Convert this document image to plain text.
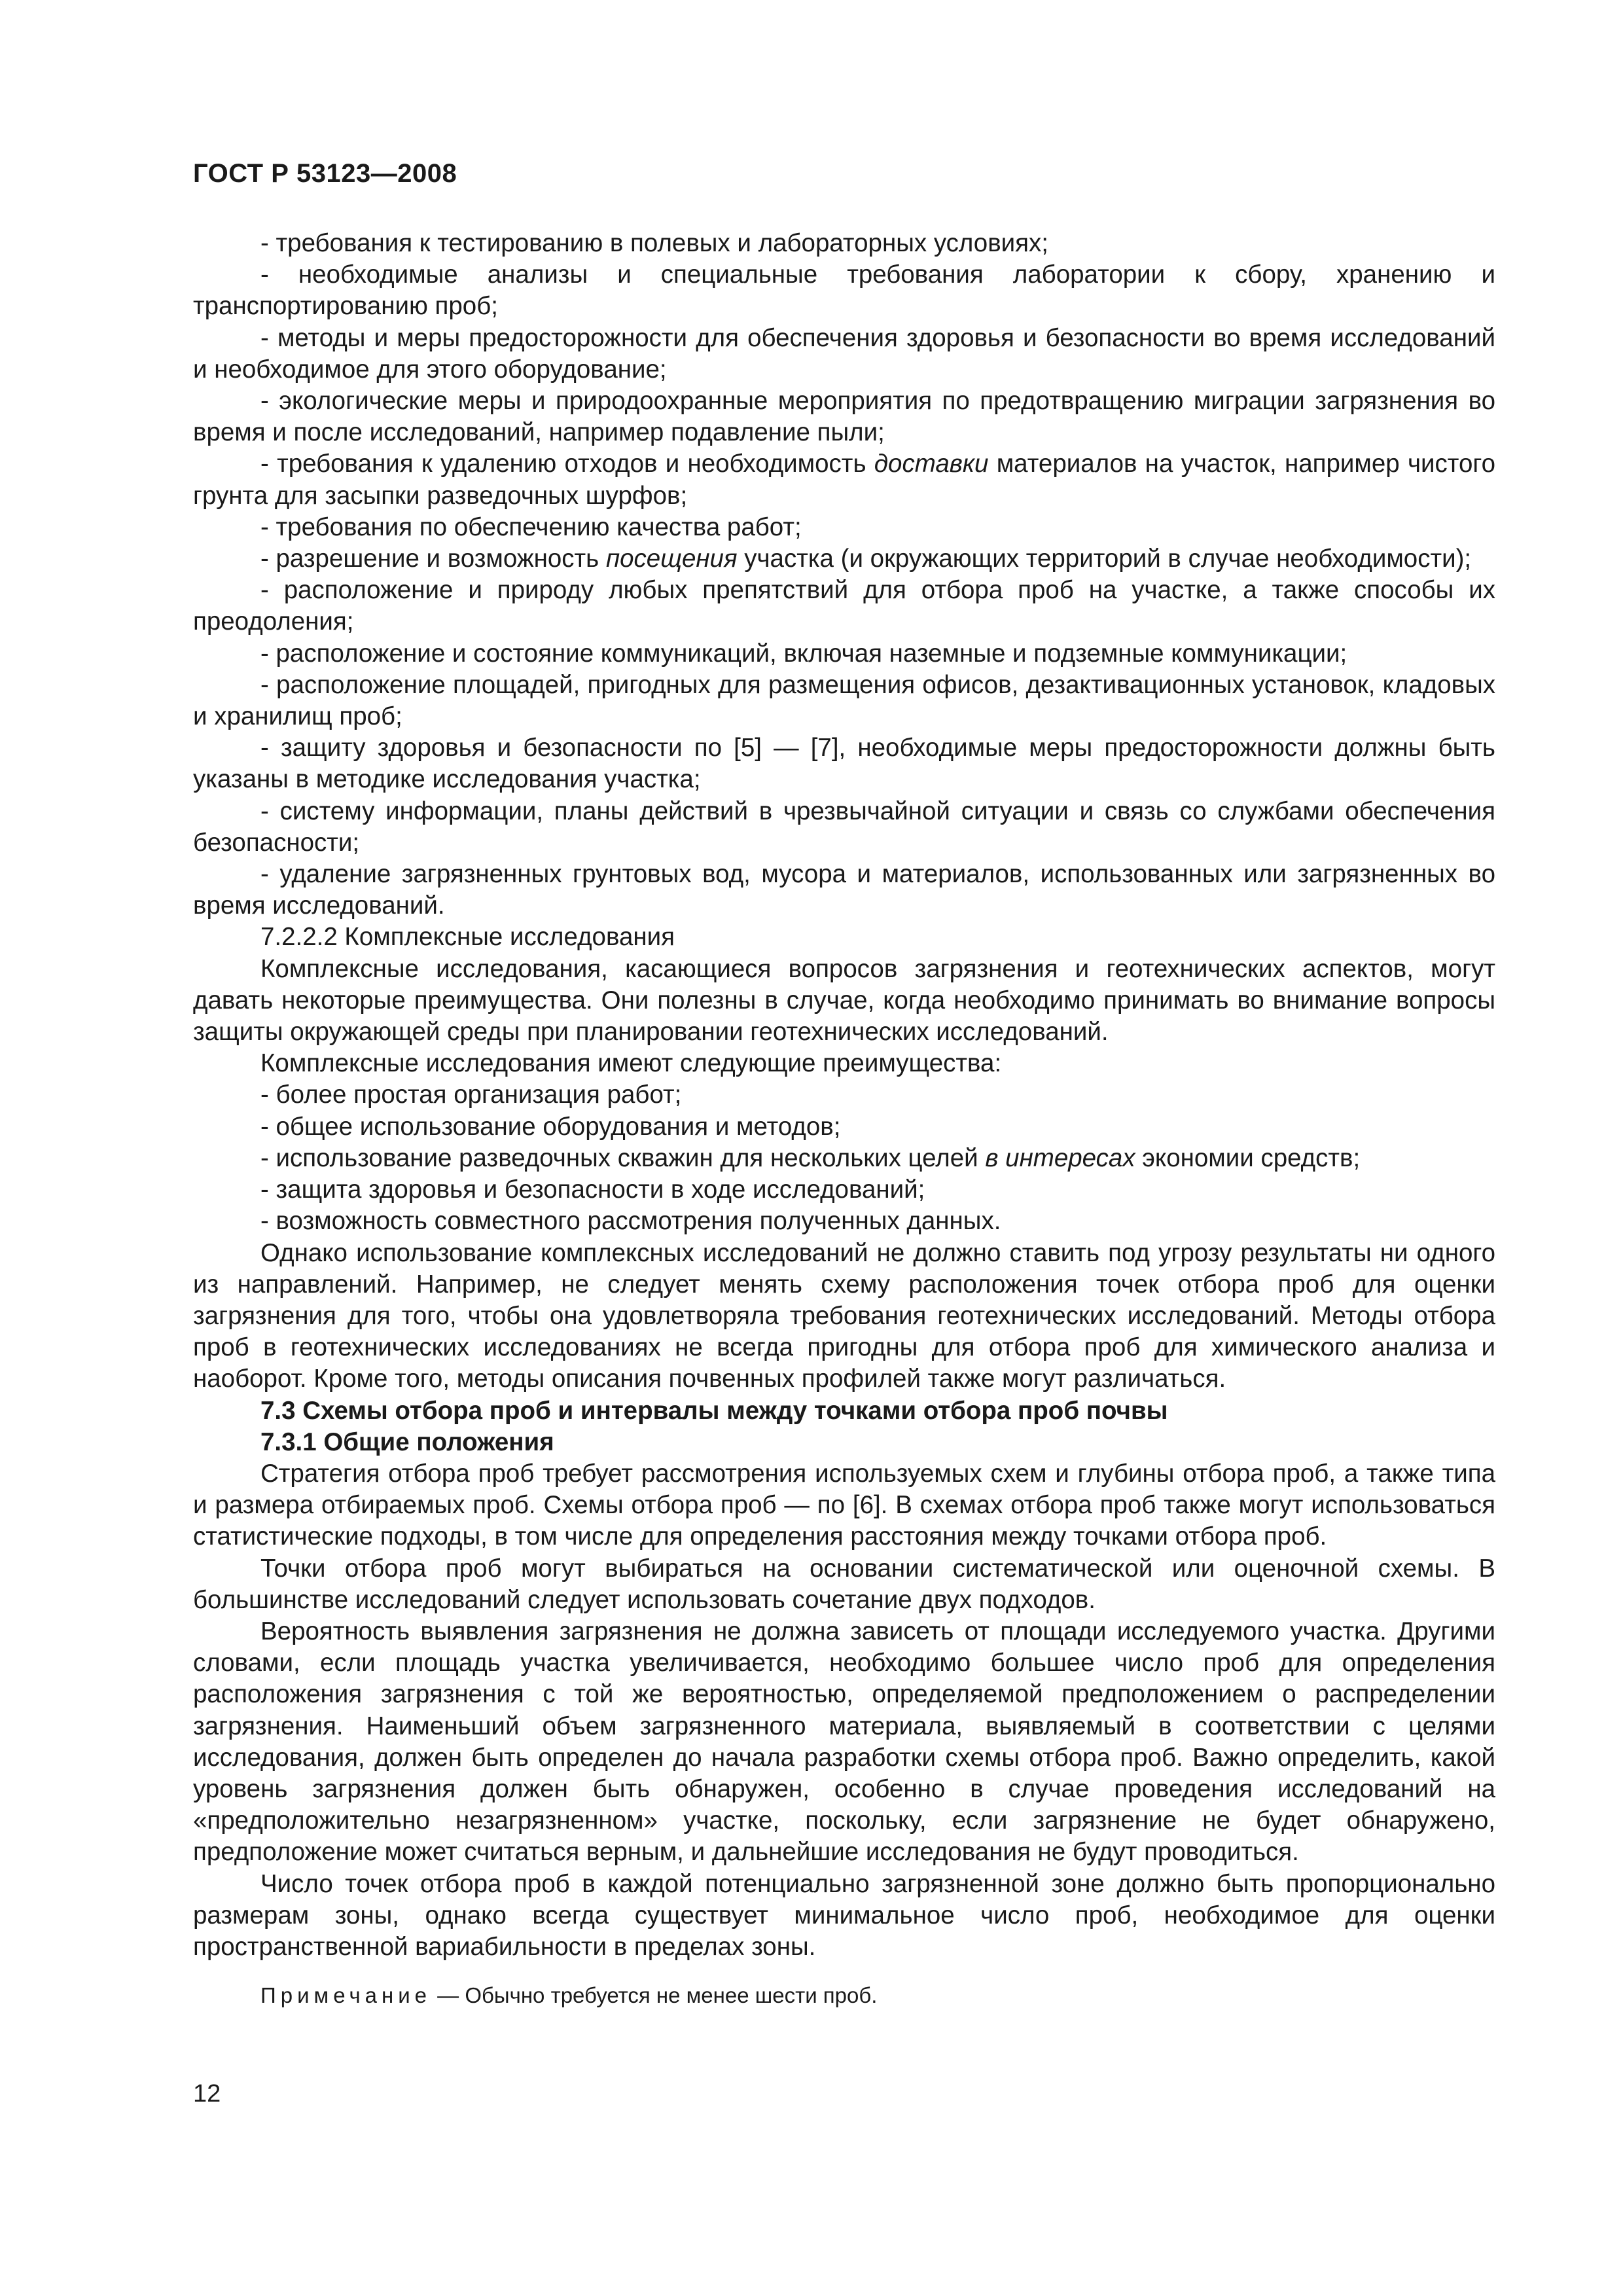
ГОСТ Р 53123—2008

- требования к тестированию в полевых и лабораторных условиях;

- необходимые анализы и специальные требования лаборатории к сбору, хранению и транспортированию проб;

- методы и меры предосторожности для обеспечения здоровья и безопасности во время исследований и необходимое для этого оборудование;

- экологические меры и природоохранные мероприятия по предотвращению миграции загрязнения во время и после исследований, например подавление пыли;

- требования к удалению отходов и необходимость доставки материалов на участок, например чистого грунта для засыпки разведочных шурфов;

- требования по обеспечению качества работ;

- разрешение и возможность посещения участка (и окружающих территорий в случае необходимости);

- расположение и природу любых препятствий для отбора проб на участке, а также способы их преодоления;

- расположение и состояние коммуникаций, включая наземные и подземные коммуникации;

- расположение площадей, пригодных для размещения офисов, дезактивационных установок, кладовых и хранилищ проб;

- защиту здоровья и безопасности по [5] — [7], необходимые меры предосторожности должны быть указаны в методике исследования участка;

- систему информации, планы действий в чрезвычайной ситуации и связь со службами обеспечения безопасности;

- удаление загрязненных грунтовых вод, мусора и материалов, использованных или загрязненных во время исследований.

7.2.2.2 Комплексные исследования

Комплексные исследования, касающиеся вопросов загрязнения и геотехнических аспектов, могут давать некоторые преимущества. Они полезны в случае, когда необходимо принимать во внимание вопросы защиты окружающей среды при планировании геотехнических исследований.

Комплексные исследования имеют следующие преимущества:

- более простая организация работ;

- общее использование оборудования и методов;

- использование разведочных скважин для нескольких целей в интересах экономии средств;

- защита здоровья и безопасности в ходе исследований;

- возможность совместного рассмотрения полученных данных.

Однако использование комплексных исследований не должно ставить под угрозу результаты ни одного из направлений. Например, не следует менять схему расположения точек отбора проб для оценки загрязнения для того, чтобы она удовлетворяла требования геотехнических исследований. Методы отбора проб в геотехнических исследованиях не всегда пригодны для отбора проб для химического анализа и наоборот. Кроме того, методы описания почвенных профилей также могут различаться.

7.3 Схемы отбора проб и интервалы между точками отбора проб почвы

7.3.1 Общие положения

Стратегия отбора проб требует рассмотрения используемых схем и глубины отбора проб, а также типа и размера отбираемых проб. Схемы отбора проб — по [6]. В схемах отбора проб также могут использоваться статистические подходы, в том числе для определения расстояния между точками отбора проб.

Точки отбора проб могут выбираться на основании систематической или оценочной схемы. В большинстве исследований следует использовать сочетание двух подходов.

Вероятность выявления загрязнения не должна зависеть от площади исследуемого участка. Другими словами, если площадь участка увеличивается, необходимо большее число проб для определения расположения загрязнения с той же вероятностью, определяемой предположением о распределении загрязнения. Наименьший объем загрязненного материала, выявляемый в соответствии с целями исследования, должен быть определен до начала разработки схемы отбора проб. Важно определить, какой уровень загрязнения должен быть обнаружен, особенно в случае проведения исследований на «предположительно незагрязненном» участке, поскольку, если загрязнение не будет обнаружено, предположение может считаться верным, и дальнейшие исследования не будут проводиться.

Число точек отбора проб в каждой потенциально загрязненной зоне должно быть пропорционально размерам зоны, однако всегда существует минимальное число проб, необходимое для оценки пространственной вариабильности в пределах зоны.

Примечание — Обычно требуется не менее шести проб.

12
